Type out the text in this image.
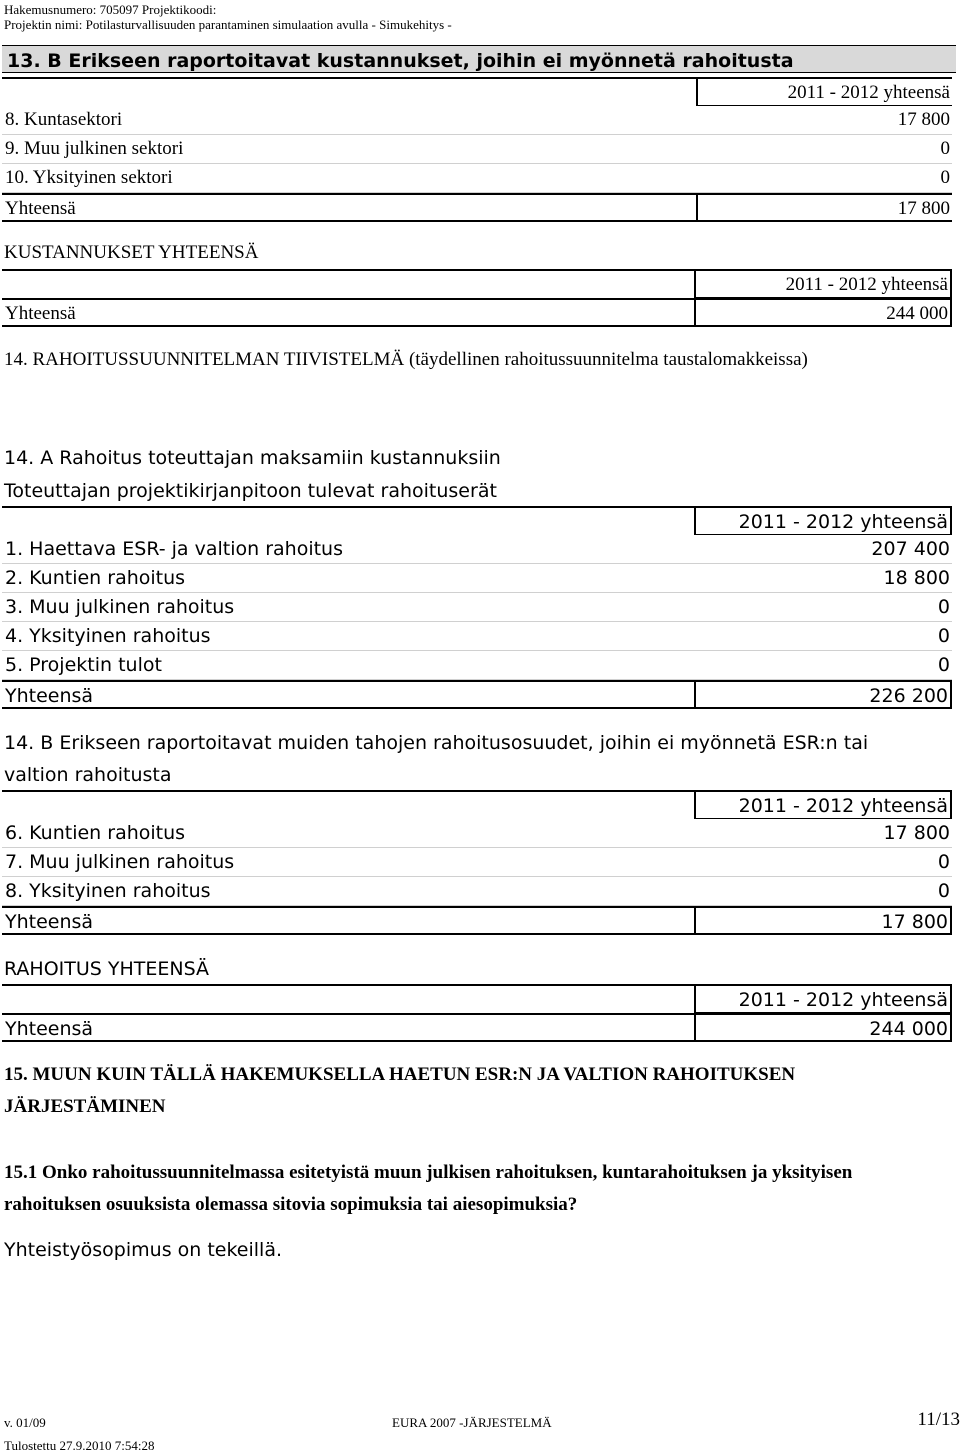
Hakemusnumero: 705097 Projektikoodi:
Projektin nimi: Potilasturvallisuuden parantaminen simulaation avulla - Simukehitys -
13. B Erikseen raportoitavat kustannukset, joihin ei myönnetä rahoitusta
2011 - 2012 yhteensä
8. Kuntasektori	17 800
9. Muu julkinen sektori	0
10. Yksityinen sektori	0
Yhteensä	17 800
KUSTANNUKSET YHTEENSÄ
2011 - 2012 yhteensä
Yhteensä	244 000
14. RAHOITUSSUUNNITELMAN TIIVISTELMÄ (täydellinen rahoitussuunnitelma taustalomakkeissa)
14. A Rahoitus toteuttajan maksamiin kustannuksiin
Toteuttajan projektikirjanpitoon tulevat rahoituserät
2011 - 2012 yhteensä
1. Haettava ESR- ja valtion rahoitus	207 400
2. Kuntien rahoitus	18 800
3. Muu julkinen rahoitus	0
4. Yksityinen rahoitus	0
5. Projektin tulot	0
Yhteensä	226 200
14. B Erikseen raportoitavat muiden tahojen rahoitusosuudet, joihin ei myönnetä ESR:n tai valtion rahoitusta
2011 - 2012 yhteensä
6. Kuntien rahoitus	17 800
7. Muu julkinen rahoitus	0
8. Yksityinen rahoitus	0
Yhteensä	17 800
RAHOITUS YHTEENSÄ
2011 - 2012 yhteensä
Yhteensä	244 000
15. MUUN KUIN TÄLLÄ HAKEMUKSELLA HAETUN ESR:N JA VALTION RAHOITUKSEN JÄRJESTÄMINEN
15.1 Onko rahoitussuunnitelmassa esitetyistä muun julkisen rahoituksen, kuntarahoituksen ja yksityisen rahoituksen osuuksista olemassa sitovia sopimuksia tai aiesopimuksia?
Yhteistyösopimus on tekeillä.
v. 01/09	EURA 2007 -JÄRJESTELMÄ	11/13
Tulostettu 27.9.2010 7:54:28
